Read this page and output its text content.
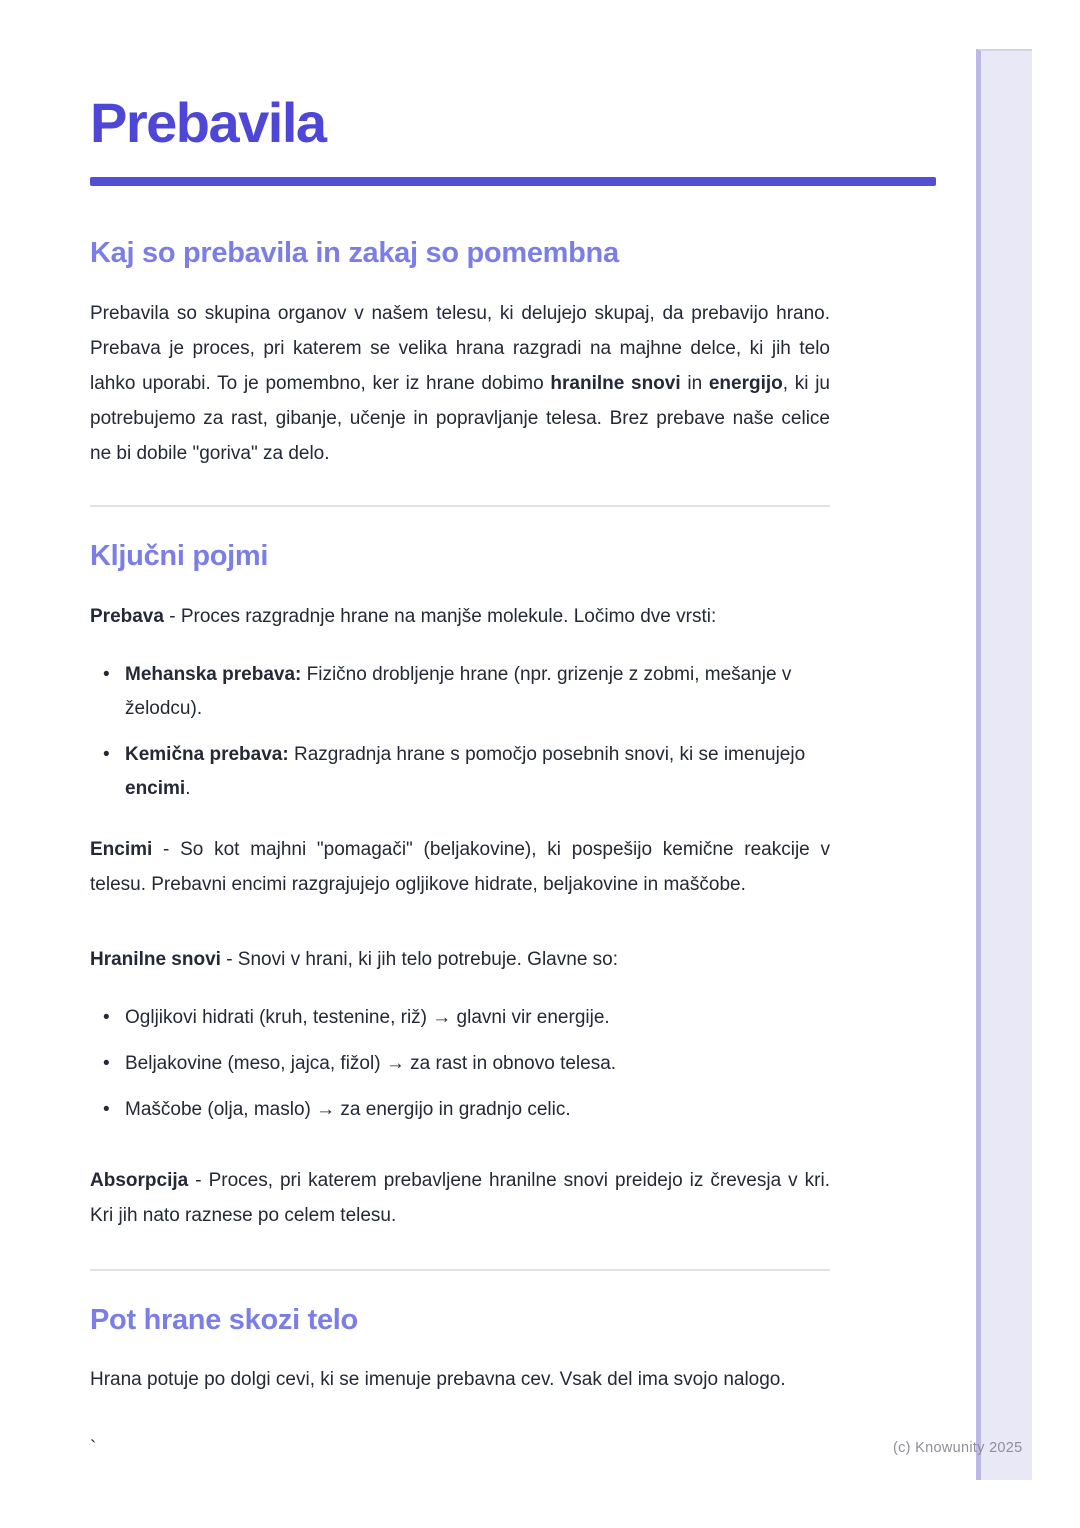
Prebavila
Kaj so prebavila in zakaj so pomembna

Prebavila so skupina organov v našem telesu, ki delujejo skupaj, da prebavijo hrano. Prebava je proces, pri katerem se velika hrana razgradi na majhne delce, ki jih telo lahko uporabi. To je pomembno, ker iz hrane dobimo hranilne snovi in energijo, ki ju potrebujemo za rast, gibanje, učenje in popravljanje telesa. Brez prebave naše celice ne bi dobile "goriva" za delo.

Ključni pojmi

Prebava - Proces razgradnje hrane na manjše molekule. Ločimo dve vrsti:

• Mehanska prebava: Fizično drobljenje hrane (npr. grizenje z zobmi, mešanje v želodcu).
• Kemična prebava: Razgradnja hrane s pomočjo posebnih snovi, ki se imenujejo encimi.

Encimi - So kot majhni "pomagači" (beljakovine), ki pospešijo kemične reakcije v telesu. Prebavni encimi razgrajujejo ogljikove hidrate, beljakovine in maščobe.

Hranilne snovi - Snovi v hrani, ki jih telo potrebuje. Glavne so:

• Ogljikovi hidrati (kruh, testenine, riž) → glavni vir energije.
• Beljakovine (meso, jajca, fižol) → za rast in obnovo telesa.
• Maščobe (olja, maslo) → za energijo in gradnjo celic.

Absorpcija - Proces, pri katerem prebavljene hranilne snovi preidejo iz črevesja v kri. Kri jih nato raznese po celem telesu.

Pot hrane skozi telo

Hrana potuje po dolgi cevi, ki se imenuje prebavna cev. Vsak del ima svojo nalogo.

`	(c) Knowunity 2025
